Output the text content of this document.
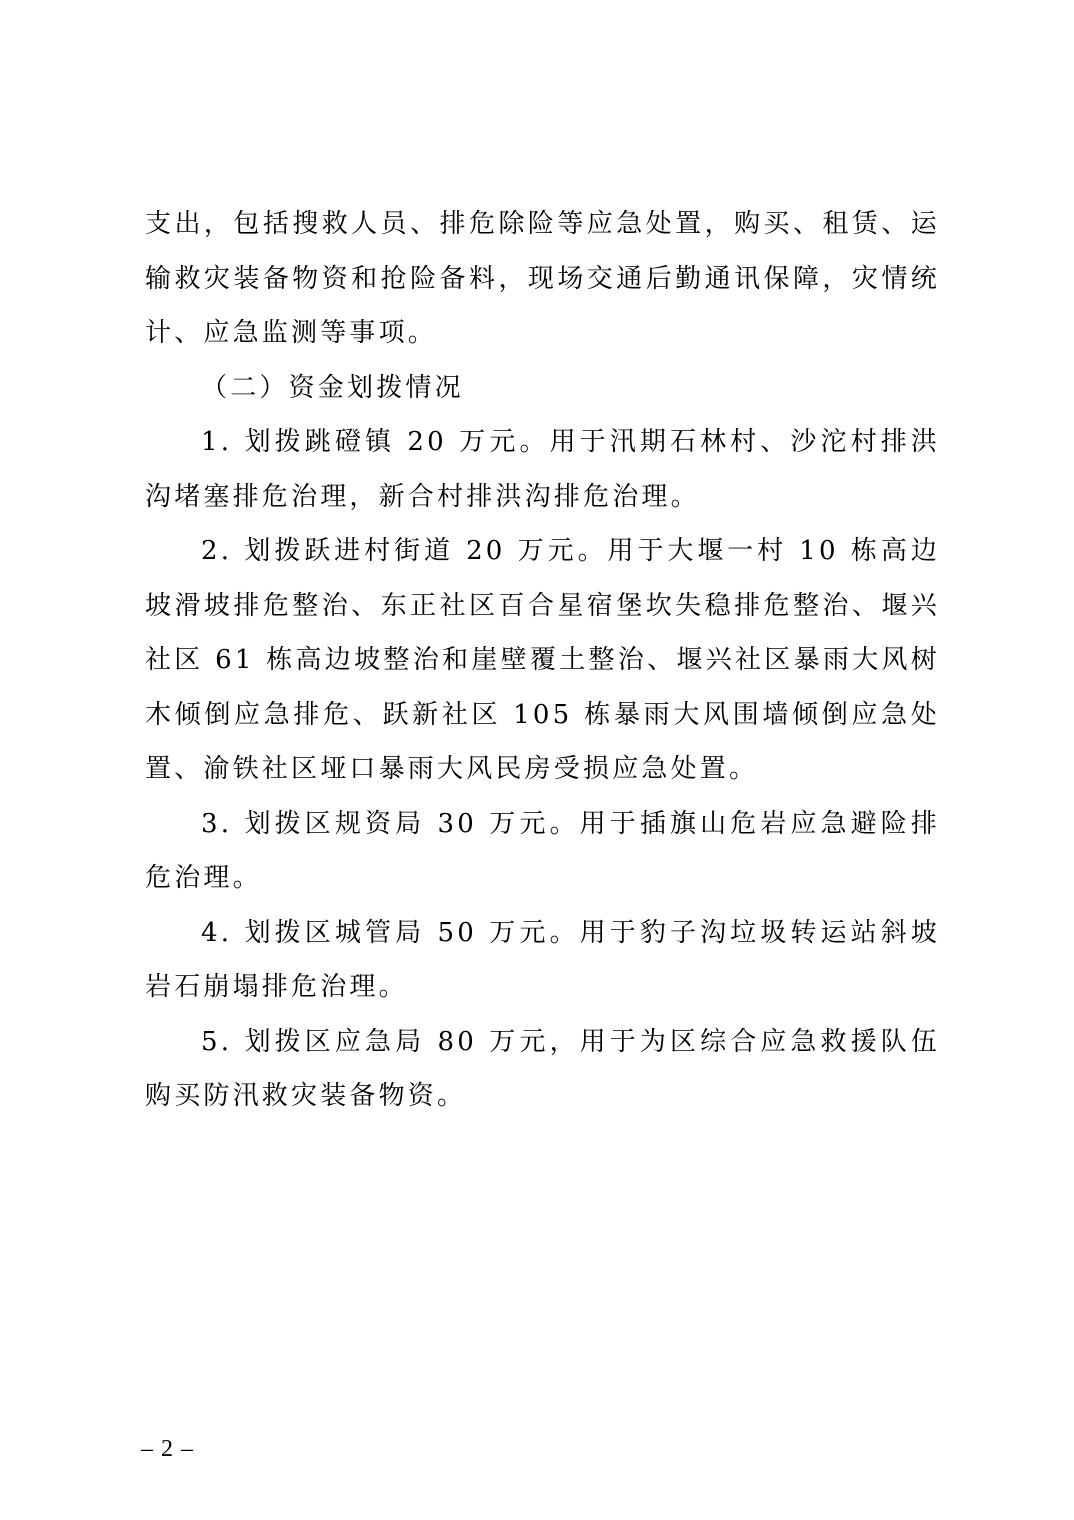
支出，包括搜救人员、排危除险等应急处置，购买、租赁、运输救灾装备物资和抢险备料，现场交通后勤通讯保障，灾情统计、应急监测等事项。

（二）资金划拨情况

1. 划拨跳磴镇 20 万元。用于汛期石林村、沙沱村排洪沟堵塞排危治理，新合村排洪沟排危治理。

2. 划拨跃进村街道 20 万元。用于大堰一村 10 栋高边坡滑坡排危整治、东正社区百合星宿堡坎失稳排危整治、堰兴社区 61 栋高边坡整治和崖壁覆土整治、堰兴社区暴雨大风树木倾倒应急排危、跃新社区 105 栋暴雨大风围墙倾倒应急处置、渝铁社区垭口暴雨大风民房受损应急处置。

3. 划拨区规资局 30 万元。用于插旗山危岩应急避险排危治理。

4. 划拨区城管局 50 万元。用于豹子沟垃圾转运站斜坡岩石崩塌排危治理。

5. 划拨区应急局 80 万元，用于为区综合应急救援队伍购买防汛救灾装备物资。

– 2 –
